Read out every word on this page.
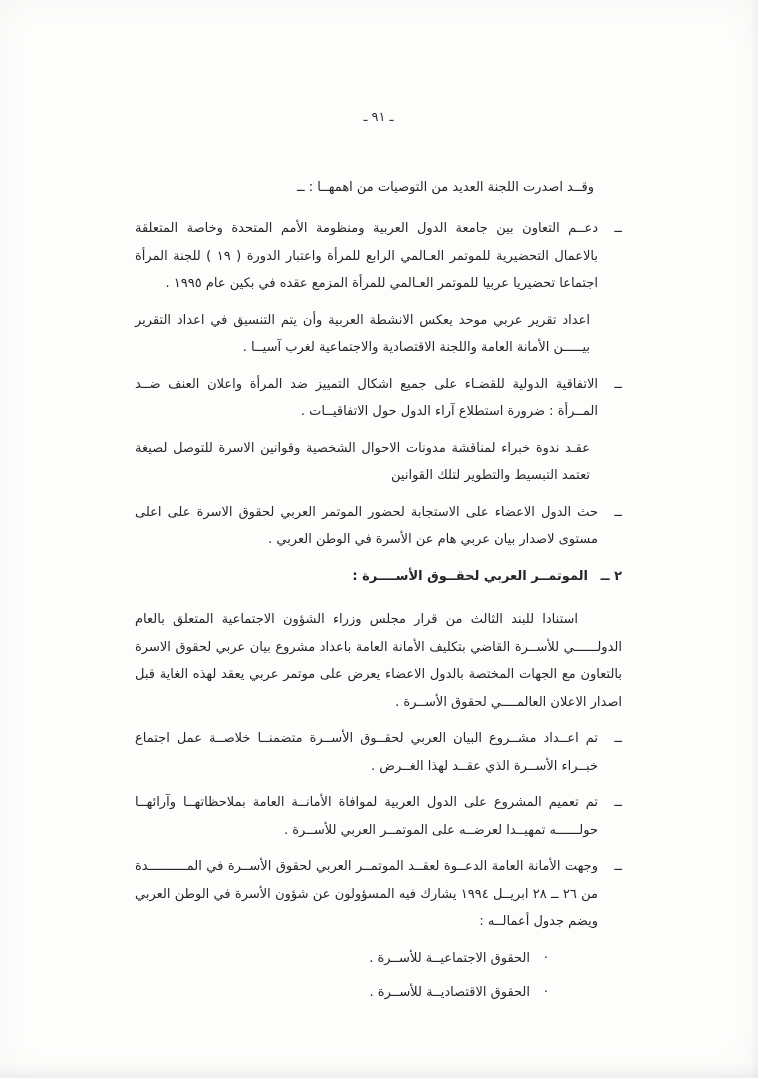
ـ ٩١ ـ

وقــد اصدرت اللجنة العديد من التوصيات من اهمهــا : ــ

ــ
دعــم التعاون بين جامعة الدول العربية ومنظومة الأمم المتحدة وخاصة المتعلقة بالاعمال التحضيرية للموتمر العـالمي الرابع للمرأة واعتبار الدورة ( ١٩ ) للجنة المرأة اجتماعا تحضيريا عربيا للموتمر العـالمي للمرأة المزمع عقده في بكين عام ١٩٩٥ .

اعداد تقرير عربي موحد يعكس الانشطة العربية وأن يتم التنسيق في اعداد التقرير بيـــــن الأمانة العامة واللجنة الاقتصادية والاجتماعية لغرب آسيــا .

ــ
الاتفاقية الدولية للقضـاء على جميع اشكال التمييز ضد المرأة واعلان العنف ضــد المــرأة : ضرورة استطلاع آراء الدول حول الاتفاقيــات .

عقـد ندوة خبراء لمناقشة مدونات الاحوال الشخصية وقوانين الاسرة للتوصل لصيغة تعتمد التبسيط والتطوير لتلك القوانين

ــ
حث الدول الاعضاء على الاستجابة لحضور الموتمر العربي لحقوق الاسرة على اعلى مستوى لاصدار بيان عربي هام عن الأسرة في الوطن العربي .
٢ ــ
الموتمــر العربي لحقــوق الأســــرة :

استنادا للبند الثالث من قرار مجلس وزراء الشؤون الاجتماعية المتعلق بالعام الدولــــــي للأســرة القاضي بتكليف الأمانة العامة باعداد مشروع بيان عربي لحقوق الاسرة بالتعاون مع الجهات المختصة بالدول الاعضاء يعرض على موتمر عربي يعقد لهذه الغاية قبل اصدار الاعلان العالمــــي لحقوق الأســرة .

ــ
تم اعــداد مشــروع البيان العربي لحقــوق الأســرة متضمنــا خلاصــة عمل اجتماع خبــراء الأســرة الذي عقــد لهذا الغــرض .
ــ
تم تعميم المشروع على الدول العربية لموافاة الأمانــة العامة بملاحظاتهــا وآرائهــا حولــــــه تمهيــدا لعرضــه على الموتمــر العربي للأســرة .
ــ
وجهت الأمانة العامة الدعــوة لعقــد الموتمــر العربي لحقوق الأســرة في المــــــــــدة من ٢٦ ــ ٢٨ ابريــل ١٩٩٤ يشارك فيه المسؤولون عن شؤون الأسرة في الوطن العربي ويضم جدول أعمالــه :
·
الحقوق الاجتماعيــة للأســرة .
·
الحقوق الاقتصاديــة للأســرة .
